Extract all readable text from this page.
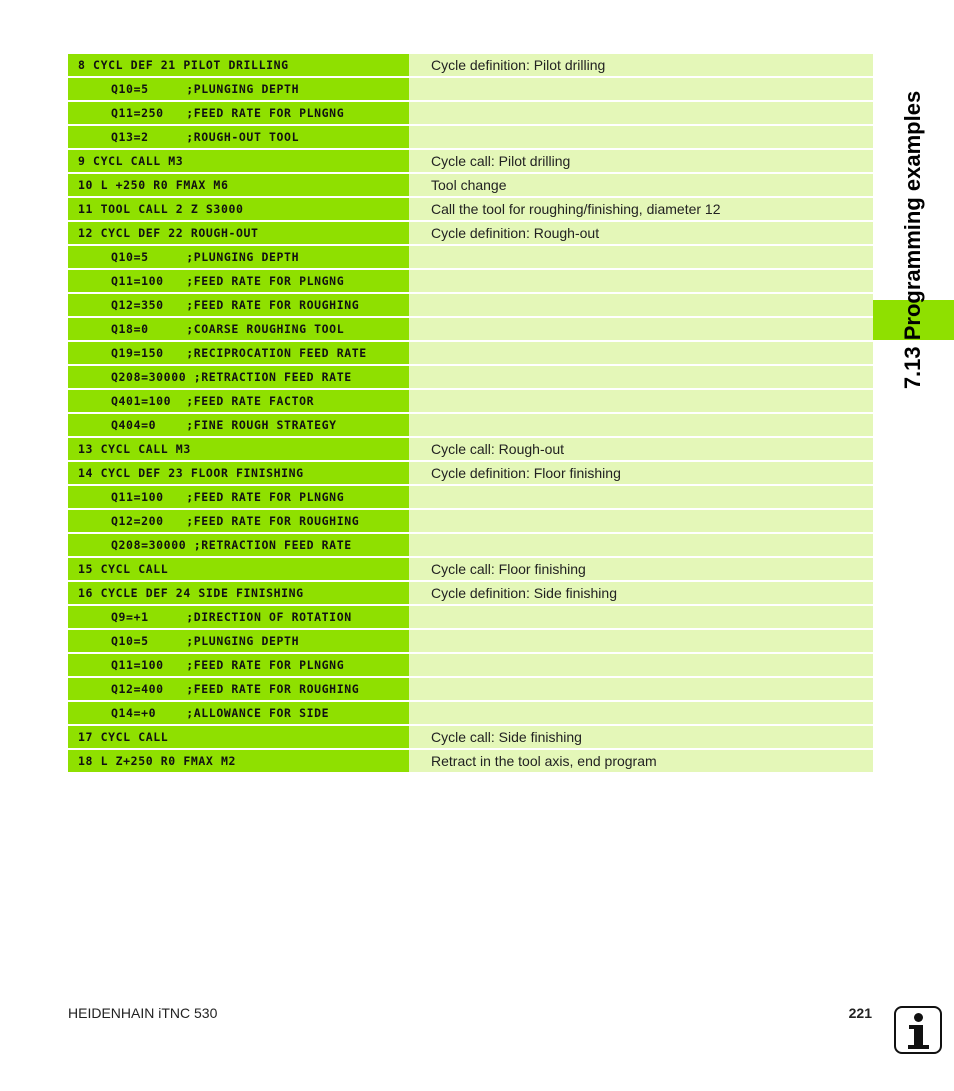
7.13 Programming examples
8 CYCL DEF 21 PILOT DRILLING	Cycle definition: Pilot drilling
Q10=5     ;PLUNGING DEPTH
Q11=250   ;FEED RATE FOR PLNGNG
Q13=2     ;ROUGH-OUT TOOL
9 CYCL CALL M3	Cycle call: Pilot drilling
10 L +250 R0 FMAX M6	Tool change
11 TOOL CALL 2 Z S3000	Call the tool for roughing/finishing, diameter 12
12 CYCL DEF 22 ROUGH-OUT	Cycle definition: Rough-out
Q10=5     ;PLUNGING DEPTH
Q11=100   ;FEED RATE FOR PLNGNG
Q12=350   ;FEED RATE FOR ROUGHING
Q18=0     ;COARSE ROUGHING TOOL
Q19=150   ;RECIPROCATION FEED RATE
Q208=30000 ;RETRACTION FEED RATE
Q401=100  ;FEED RATE FACTOR
Q404=0    ;FINE ROUGH STRATEGY
13 CYCL CALL M3	Cycle call: Rough-out
14 CYCL DEF 23 FLOOR FINISHING	Cycle definition: Floor finishing
Q11=100   ;FEED RATE FOR PLNGNG
Q12=200   ;FEED RATE FOR ROUGHING
Q208=30000 ;RETRACTION FEED RATE
15 CYCL CALL	Cycle call: Floor finishing
16 CYCLE DEF 24 SIDE FINISHING	Cycle definition: Side finishing
Q9=+1     ;DIRECTION OF ROTATION
Q10=5     ;PLUNGING DEPTH
Q11=100   ;FEED RATE FOR PLNGNG
Q12=400   ;FEED RATE FOR ROUGHING
Q14=+0    ;ALLOWANCE FOR SIDE
17 CYCL CALL	Cycle call: Side finishing
18 L Z+250 R0 FMAX M2	Retract in the tool axis, end program
HEIDENHAIN iTNC 530	221
